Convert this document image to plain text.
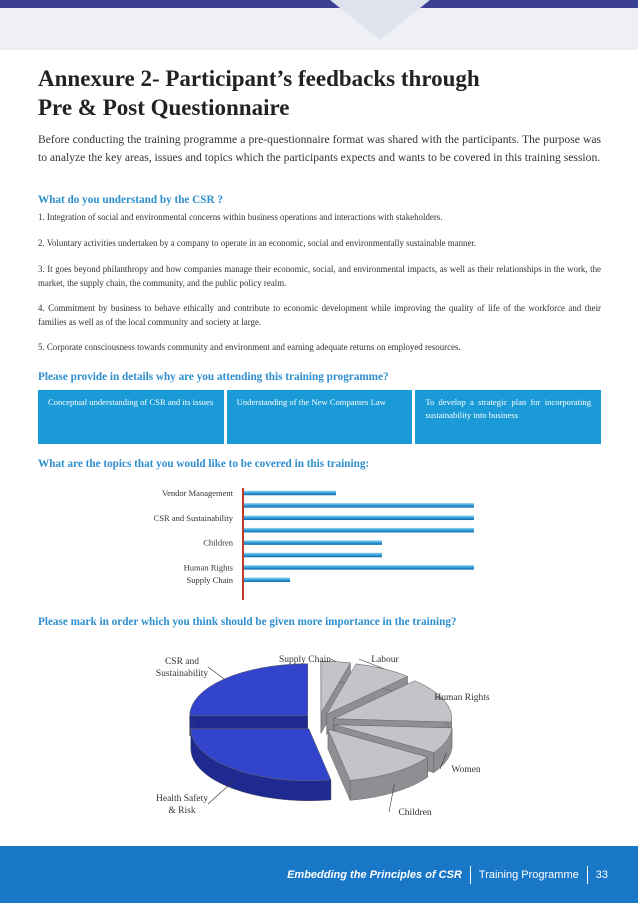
Annexure 2- Participant’s feedbacks through
Pre & Post Questionnaire

Before conducting the training programme a pre-questionnaire format was shared with the participants. The purpose was to analyze the key areas, issues and topics which the participants expects and wants to be covered in this training session.

What do you understand by the CSR ?

1. Integration of social and environmental concerns within business operations and interactions with stakeholders.

2. Voluntary activities undertaken by a company to operate in an economic, social and environmentally sustainable manner.

3. It goes beyond philanthropy and how companies manage their economic, social, and environmental impacts, as well as their relationships in the work, the market, the supply chain, the community, and the public policy realm.

4. Commitment by business to behave ethically and contribute to economic development while improving the quality of life of the workforce and their families as well as of the local community and society at large.

5. Corporate consciousness towards community and environment and earning adequate returns on employed resources.

Please provide in details why are you attending this training programme?
Conceptual understanding of CSR and its issues	Understanding of the New Companies Law	To develop a strategic plan for incorporating sustainability into business
What are the topics that you would like to be covered in this training:
Vendor Management
CSR and Sustainability
Children
Human Rights
Supply Chain
Please mark in order which you think should be given more importance in the training?
Supply Chain	Labour
Human Rights
Women
Children
Health Safety & Risk
CSR and Sustainability
Embedding the Principles of CSR Training Programme 33
